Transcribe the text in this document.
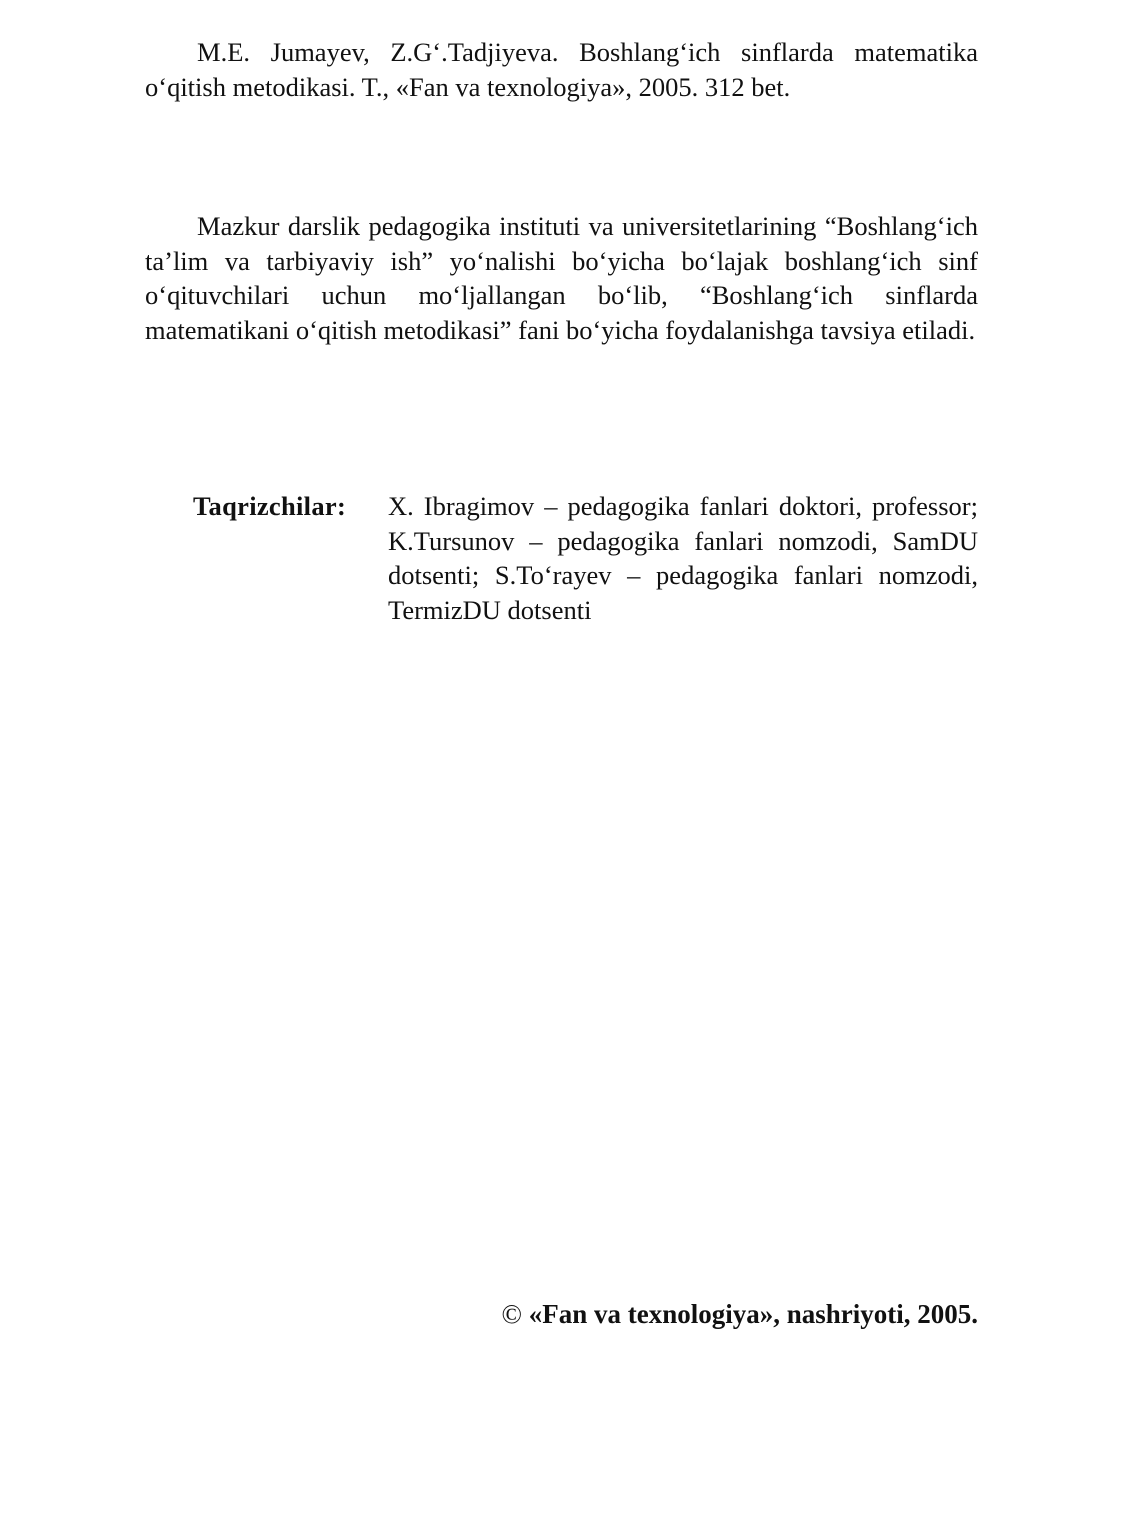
M.E. Jumayev, Z.G‘.Tadjiyeva. Boshlang‘ich sinflarda matematika o‘qitish metodikasi. T., «Fan va texnologiya», 2005. 312 bet.

Mazkur darslik pedagogika instituti va universitetlarining “Boshlang‘ich ta’lim va tarbiyaviy ish” yo‘nalishi bo‘yicha bo‘lajak boshlang‘ich sinf o‘qituvchilari uchun mo‘ljallangan bo‘lib, “Boshlang‘ich sinflarda matematikani o‘qitish metodikasi” fani bo‘yicha foydalanishga tavsiya etiladi.

Taqrizchilar:	X. Ibragimov – pedagogika fanlari doktori, professor; K.Tursunov – pedagogika fanlari nomzodi, SamDU dotsenti; S.To‘rayev – pedagogika fanlari nomzodi, TermizDU dotsenti
© «Fan va texnologiya», nashriyoti, 2005.
